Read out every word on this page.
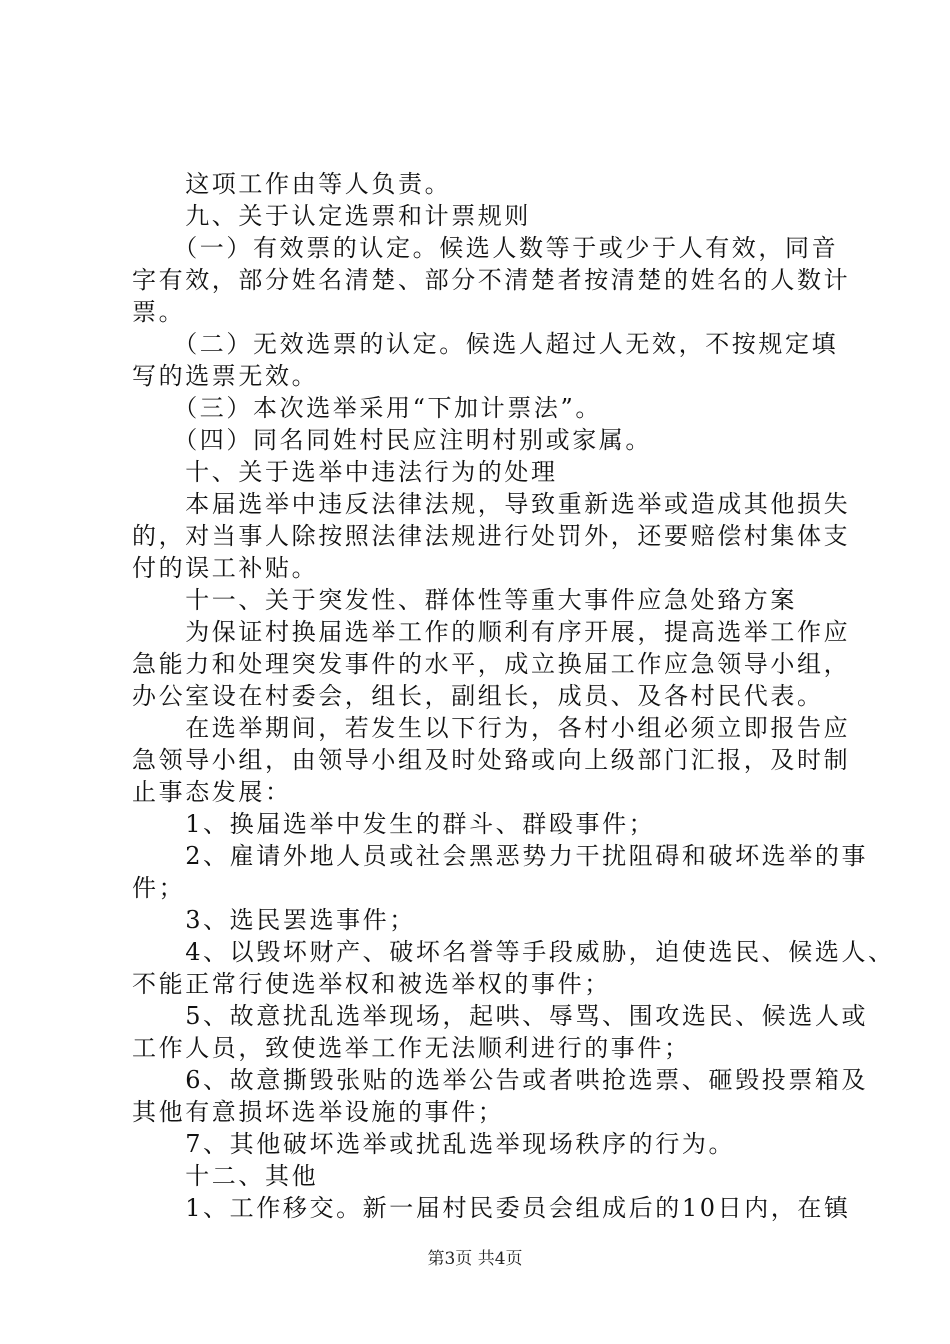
　　这项工作由等人负责。
　　九、关于认定选票和计票规则
　　（一）有效票的认定。候选人数等于或少于人有效，同音
字有效，部分姓名清楚、部分不清楚者按清楚的姓名的人数计
票。
　　（二）无效选票的认定。候选人超过人无效，不按规定填
写的选票无效。
　　（三）本次选举采用“下加计票法”。
　　（四）同名同姓村民应注明村别或家属。
　　十、关于选举中违法行为的处理
　　本届选举中违反法律法规，导致重新选举或造成其他损失
的，对当事人除按照法律法规进行处罚外，还要赔偿村集体支
付的误工补贴。
　　十一、关于突发性、群体性等重大事件应急处臵方案
　　为保证村换届选举工作的顺利有序开展，提高选举工作应
急能力和处理突发事件的水平，成立换届工作应急领导小组，
办公室设在村委会，组长，副组长，成员、及各村民代表。
　　在选举期间，若发生以下行为，各村小组必须立即报告应
急领导小组，由领导小组及时处臵或向上级部门汇报，及时制
止事态发展：
　　1、换届选举中发生的群斗、群殴事件；
　　2、雇请外地人员或社会黑恶势力干扰阻碍和破坏选举的事
件；
　　3、选民罢选事件；
　　4、以毁坏财产、破坏名誉等手段威胁，迫使选民、候选人、
不能正常行使选举权和被选举权的事件；
　　5、故意扰乱选举现场，起哄、辱骂、围攻选民、候选人或
工作人员，致使选举工作无法顺利进行的事件；
　　6、故意撕毁张贴的选举公告或者哄抢选票、砸毁投票箱及
其他有意损坏选举设施的事件；
　　7、其他破坏选举或扰乱选举现场秩序的行为。
　　十二、其他
　　1、工作移交。新一届村民委员会组成后的10日内，在镇
第3页 共4页
